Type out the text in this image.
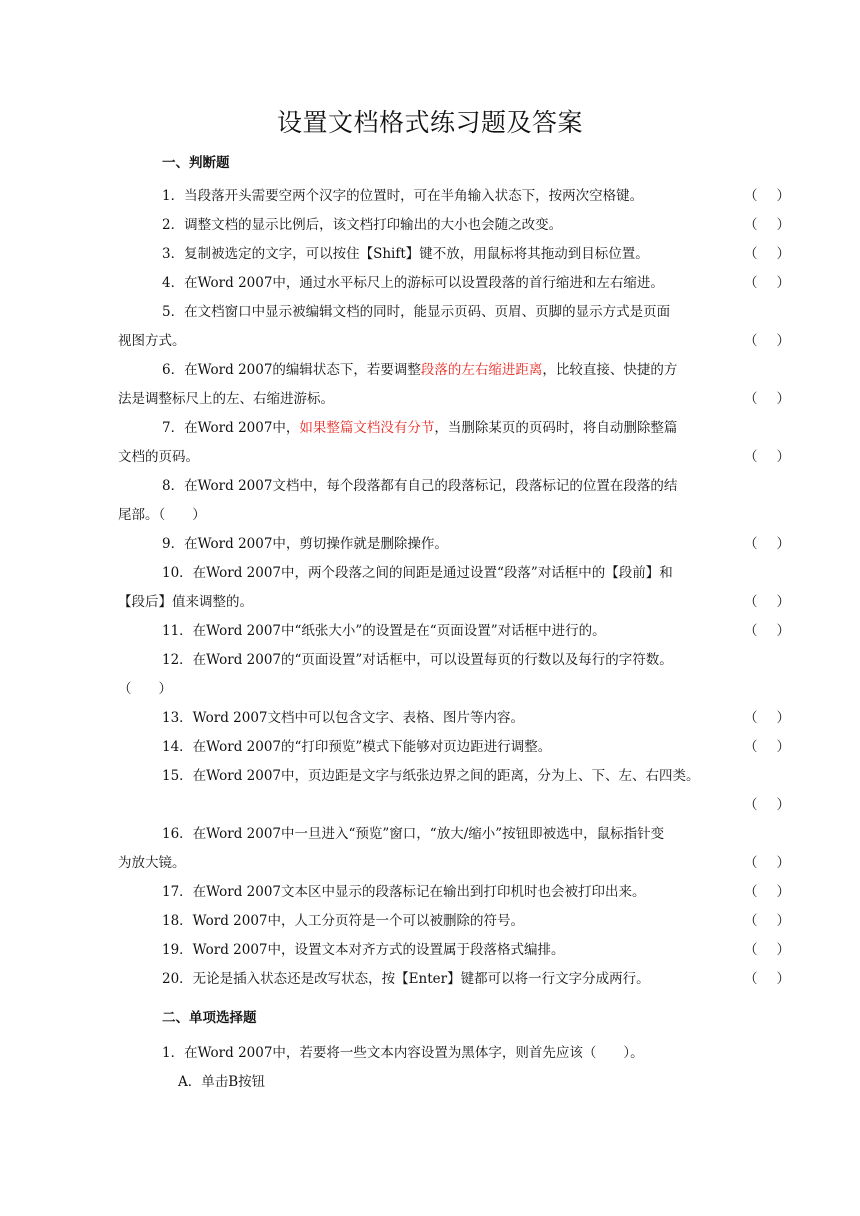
设置文档格式练习题及答案
一、判断题
1．当段落开头需要空两个汉字的位置时，可在半角输入状态下，按两次空格键。	（ ）
2．调整文档的显示比例后，该文档打印输出的大小也会随之改变。	（ ）
3．复制被选定的文字，可以按住【Shift】键不放，用鼠标将其拖动到目标位置。	（ ）
4．在Word 2007中，通过水平标尺上的游标可以设置段落的首行缩进和左右缩进。	（ ）
5．在文档窗口中显示被编辑文档的同时，能显示页码、页眉、页脚的显示方式是页面
视图方式。	（ ）
6．在Word 2007的编辑状态下，若要调整段落的左右缩进距离，比较直接、快捷的方
法是调整标尺上的左、右缩进游标。	（ ）
7．在Word 2007中，如果整篇文档没有分节，当删除某页的页码时，将自动删除整篇
文档的页码。	（ ）
8．在Word 2007文档中，每个段落都有自己的段落标记，段落标记的位置在段落的结
尾部。（　　）
9．在Word 2007中，剪切操作就是删除操作。	（ ）
10．在Word 2007中，两个段落之间的间距是通过设置“段落”对话框中的【段前】和
【段后】值来调整的。	（ ）
11．在Word 2007中“纸张大小”的设置是在“页面设置”对话框中进行的。	（ ）
12．在Word 2007的“页面设置”对话框中，可以设置每页的行数以及每行的字符数。
（　　）
13．Word 2007文档中可以包含文字、表格、图片等内容。	（ ）
14．在Word 2007的“打印预览”模式下能够对页边距进行调整。	（ ）
15．在Word 2007中，页边距是文字与纸张边界之间的距离，分为上、下、左、右四类。
（ ）
16．在Word 2007中一旦进入“预览”窗口，“放大/缩小”按钮即被选中，鼠标指针变
为放大镜。	（ ）
17．在Word 2007文本区中显示的段落标记在输出到打印机时也会被打印出来。	（ ）
18．Word 2007中，人工分页符是一个可以被删除的符号。	（ ）
19．Word 2007中，设置文本对齐方式的设置属于段落格式编排。	（ ）
20．无论是插入状态还是改写状态，按【Enter】键都可以将一行文字分成两行。	（ ）
二、单项选择题
1．在Word 2007中，若要将一些文本内容设置为黑体字，则首先应该（　　）。
A．单击B按钮
